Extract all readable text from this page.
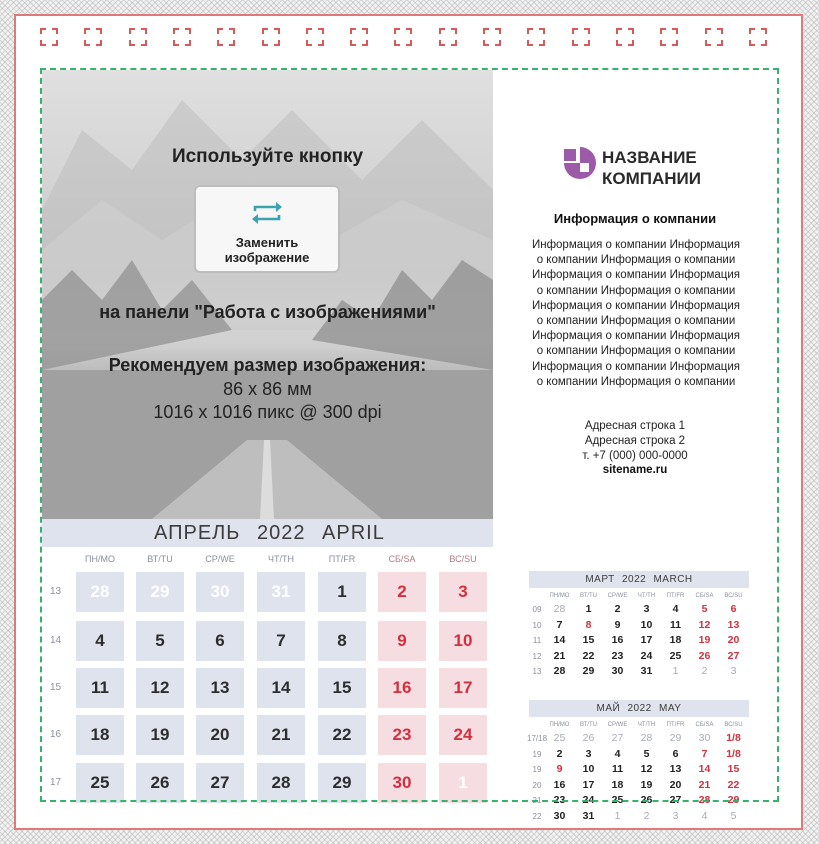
Используйте кнопку
Заменить
изображение
на панели "Работа с изображениями"
Рекомендуем размер изображения:
86 x 86 мм
1016 x 1016 пикс @ 300 dpi
АПРЕЛЬ 2022 APRIL
ПН/MO	ВТ/TU	СР/WE	ЧТ/TH	ПТ/FR	СБ/SA	ВС/SU
13	28	29	30	31	1	2	3
14	4	5	6	7	8	9	10
15	11	12	13	14	15	16	17
16	18	19	20	21	22	23	24
17	25	26	27	28	29	30	1
НАЗВАНИЕ
КОМПАНИИ
Информация о компании
Информация о компании Информация
о компании Информация о компании
Информация о компании Информация
о компании Информация о компании
Информация о компании Информация
о компании Информация о компании
Информация о компании Информация
о компании Информация о компании
Информация о компании Информация
о компании Информация о компании
Адресная строка 1
Адресная строка 2
т. +7 (000) 000-0000
sitename.ru
МАРТ 2022 MARCH
ПН/MO	ВТ/TU	СР/WE	ЧТ/TH	ПТ/FR	СБ/SA	ВС/SU
09	28	1	2	3	4	5	6
10	7	8	9	10	11	12	13
11	14	15	16	17	18	19	20
12	21	22	23	24	25	26	27
13	28	29	30	31	1	2	3
МАЙ 2022 MAY
ПН/MO	ВТ/TU	СР/WE	ЧТ/TH	ПТ/FR	СБ/SA	ВС/SU
17/18 25	26	27	28	29	30	1/8
19	2	3	4	5	6	7	1/8
19	9	10	11	12	13	14	15
20	16	17	18	19	20	21	22
21	23	24	25	26	27	28	29
22	30	31	1	2	3	4	5
